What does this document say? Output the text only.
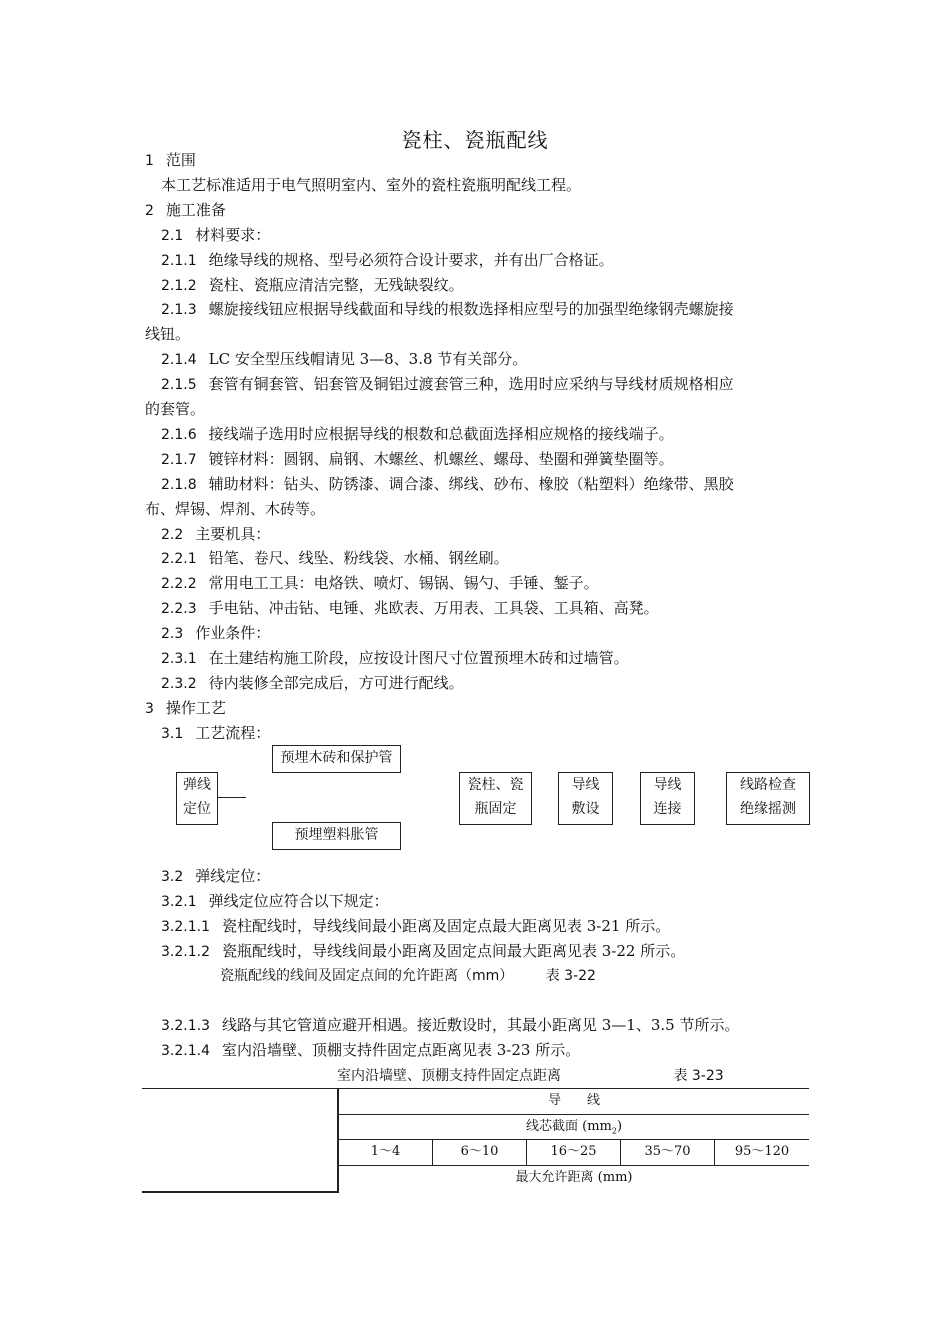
瓷柱、瓷瓶配线
1 范围
本工艺标准适用于电气照明室内、室外的瓷柱瓷瓶明配线工程。
2 施工准备
2.1 材料要求：
2.1.1 绝缘导线的规格、型号必须符合设计要求，并有出厂合格证。
2.1.2 瓷柱、瓷瓶应清洁完整，无残缺裂纹。
2.1.3 螺旋接线钮应根据导线截面和导线的根数选择相应型号的加强型绝缘钢壳螺旋接
线钮。
2.1.4 LC 安全型压线帽请见 3—8、3.8 节有关部分。
2.1.5 套管有铜套管、铝套管及铜铝过渡套管三种，选用时应采纳与导线材质规格相应
的套管。
2.1.6 接线端子选用时应根据导线的根数和总截面选择相应规格的接线端子。
2.1.7 镀锌材料：圆钢、扁钢、木螺丝、机螺丝、螺母、垫圈和弹簧垫圈等。
2.1.8 辅助材料：钻头、防锈漆、调合漆、绑线、砂布、橡胶（粘塑料）绝缘带、黑胶
布、焊锡、焊剂、木砖等。
2.2 主要机具：
2.2.1 铅笔、卷尺、线坠、粉线袋、水桶、钢丝刷。
2.2.2 常用电工工具：电烙铁、喷灯、锡锅、锡勺、手锤、錾子。
2.2.3 手电钻、冲击钻、电锤、兆欧表、万用表、工具袋、工具箱、高凳。
2.3 作业条件：
2.3.1 在土建结构施工阶段，应按设计图尺寸位置预埋木砖和过墙管。
2.3.2 待内装修全部完成后，方可进行配线。
3 操作工艺
3.1 工艺流程：
预埋木砖和保护管
预埋塑料胀管
弹线
定位
瓷柱、瓷
瓶固定
导线
敷设
导线
连接
线路检查
绝缘摇测
3.2 弹线定位：
3.2.1 弹线定位应符合以下规定：
3.2.1.1 瓷柱配线时，导线线间最小距离及固定点最大距离见表 3-21 所示。
3.2.1.2 瓷瓶配线时，导线线间最小距离及固定点间最大距离见表 3-22 所示。
瓷瓶配线的线间及固定点间的允许距离（mm） 表 3-22
3.2.1.3 线路与其它管道应避开相遇。接近敷设时，其最小距离见 3—1、3.5 节所示。
3.2.1.4 室内沿墙壁、顶棚支持件固定点距离见表 3-23 所示。
室内沿墙壁、顶棚支持件固定点距离	表 3-23
导　　线
线芯截面 $(mm_2)$
1～4	6～10	16～25	35～70	95～120
最大允许距离 (mm)
